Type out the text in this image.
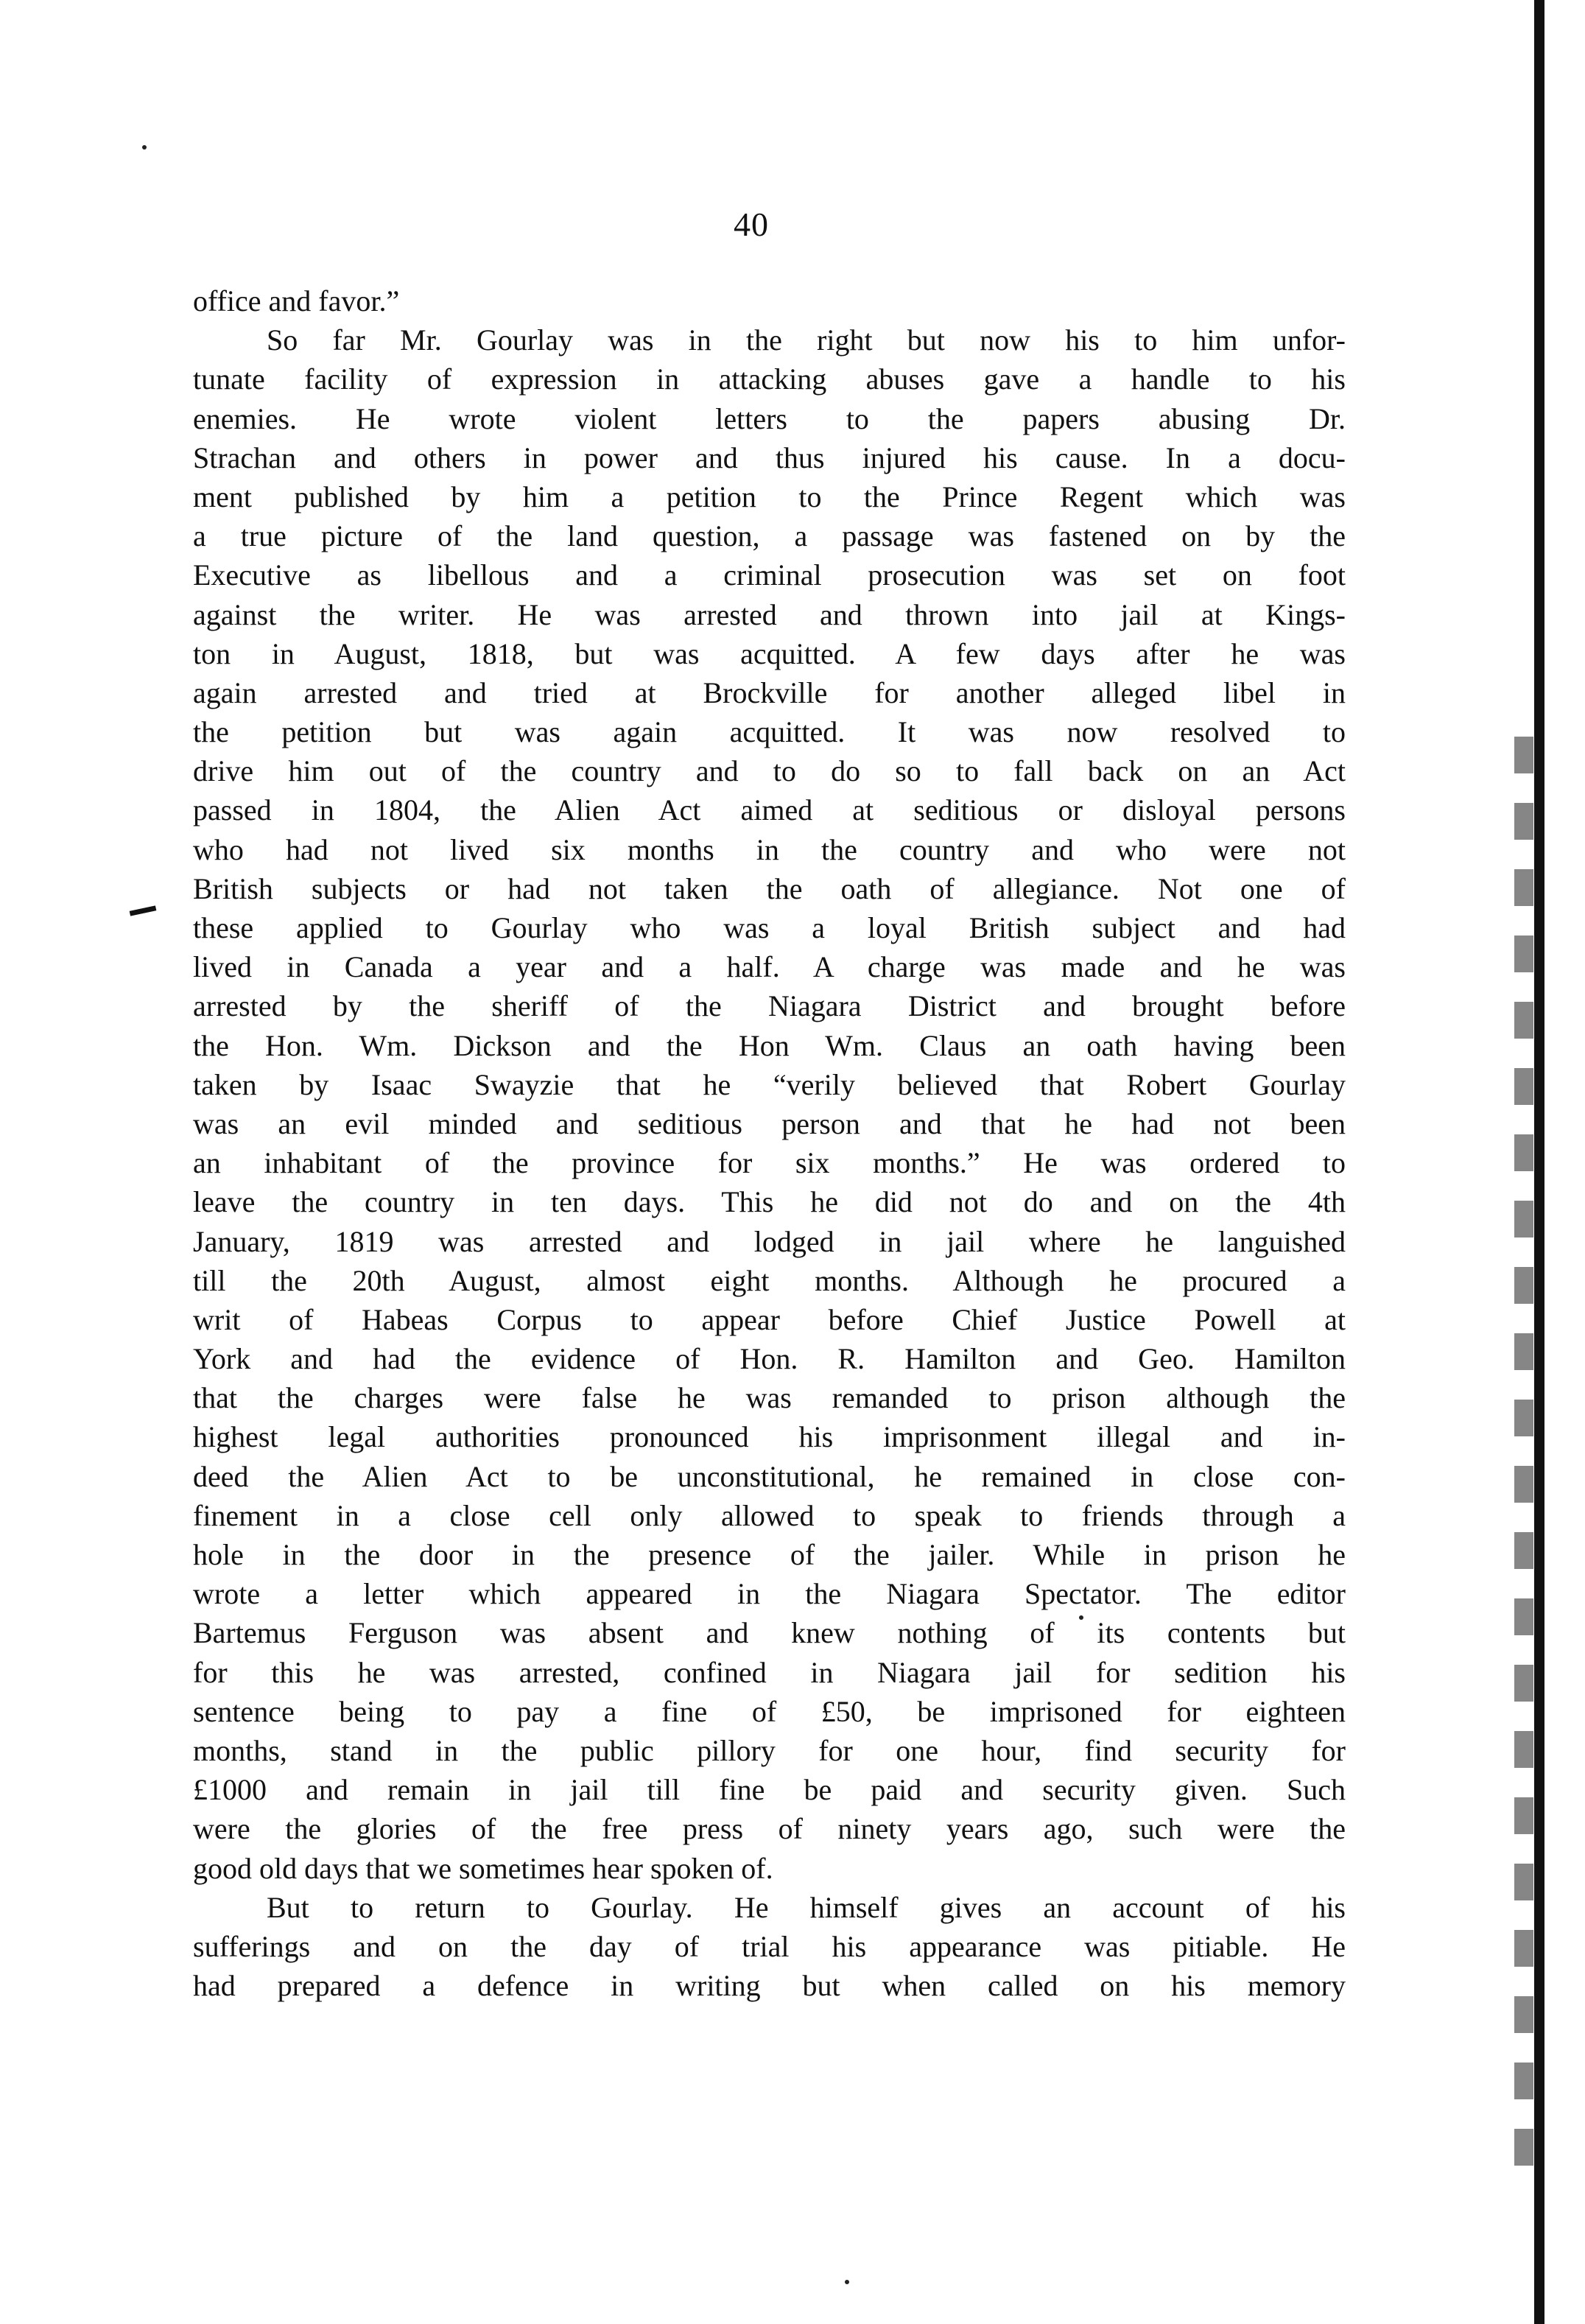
40
office and favor.”
So far Mr. Gourlay was in the right but now his to him unfor-
tunate facility of expression in attacking abuses gave a handle to his
enemies. He wrote violent letters to the papers abusing Dr.
Strachan and others in power and thus injured his cause. In a docu-
ment published by him a petition to the Prince Regent which was
a true picture of the land question, a passage was fastened on by the
Executive as libellous and a criminal prosecution was set on foot
against the writer. He was arrested and thrown into jail at Kings-
ton in August, 1818, but was acquitted. A few days after he was
again arrested and tried at Brockville for another alleged libel in
the petition but was again acquitted. It was now resolved to
drive him out of the country and to do so to fall back on an Act
passed in 1804, the Alien Act aimed at seditious or disloyal persons
who had not lived six months in the country and who were not
British subjects or had not taken the oath of allegiance. Not one of
these applied to Gourlay who was a loyal British subject and had
lived in Canada a year and a half. A charge was made and he was
arrested by the sheriff of the Niagara District and brought before
the Hon. Wm. Dickson and the Hon Wm. Claus an oath having been
taken by Isaac Swayzie that he “verily believed that Robert Gourlay
was an evil minded and seditious person and that he had not been
an inhabitant of the province for six months.” He was ordered to
leave the country in ten days. This he did not do and on the 4th
January, 1819 was arrested and lodged in jail where he languished
till the 20th August, almost eight months. Although he procured a
writ of Habeas Corpus to appear before Chief Justice Powell at
York and had the evidence of Hon. R. Hamilton and Geo. Hamilton
that the charges were false he was remanded to prison although the
highest legal authorities pronounced his imprisonment illegal and in-
deed the Alien Act to be unconstitutional, he remained in close con-
finement in a close cell only allowed to speak to friends through a
hole in the door in the presence of the jailer. While in prison he
wrote a letter which appeared in the Niagara Spectator. The editor
Bartemus Ferguson was absent and knew nothing of its contents but
for this he was arrested, confined in Niagara jail for sedition his
sentence being to pay a fine of £50, be imprisoned for eighteen
months, stand in the public pillory for one hour, find security for
£1000 and remain in jail till fine be paid and security given. Such
were the glories of the free press of ninety years ago, such were the
good old days that we sometimes hear spoken of.
But to return to Gourlay. He himself gives an account of his
sufferings and on the day of trial his appearance was pitiable. He
had prepared a defence in writing but when called on his memory
